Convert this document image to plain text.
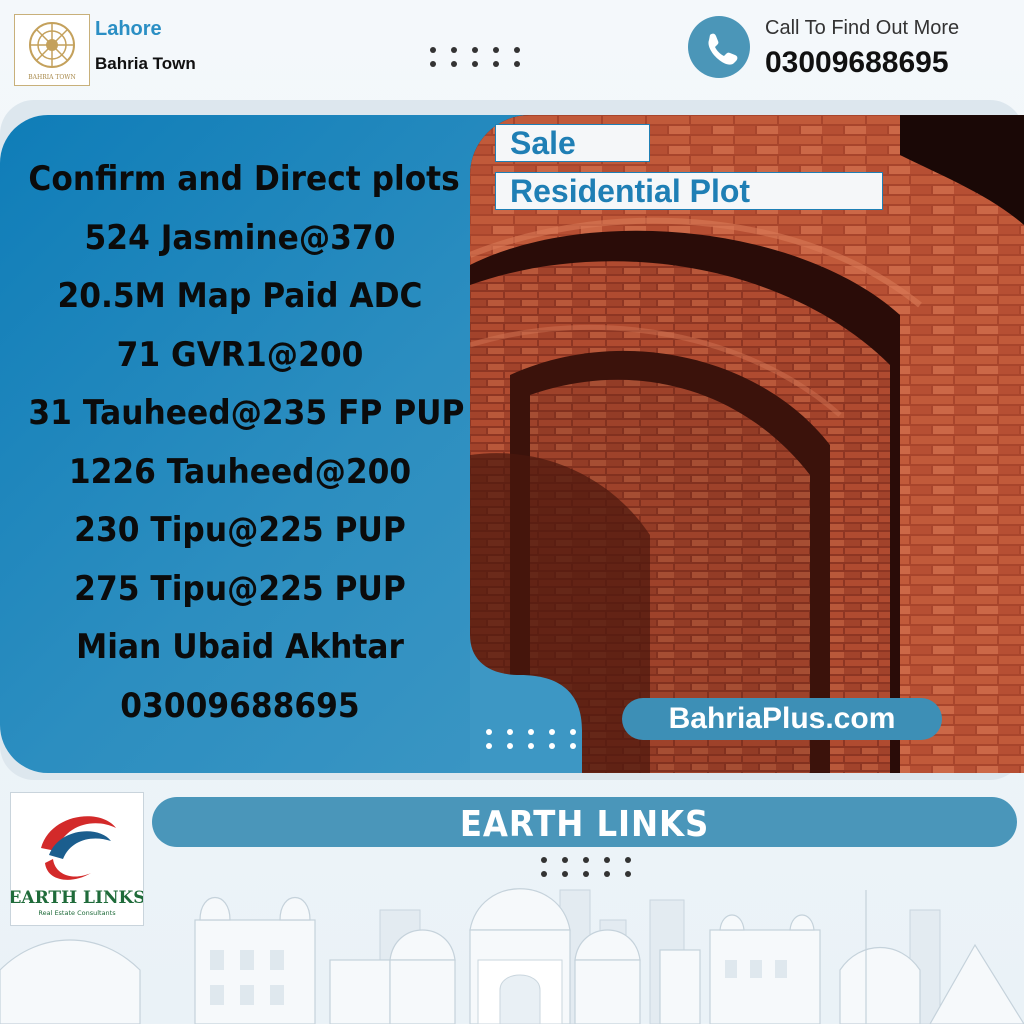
BAHRIA TOWN
Lahore
Bahria Town
Call To Find Out More
03009688695
Confirm and Direct plots
524 Jasmine@370
20.5M Map Paid ADC
71 GVR1@200
31 Tauheed@235 FP PUP
1226 Tauheed@200
230 Tipu@225 PUP
275 Tipu@225 PUP
Mian Ubaid Akhtar
03009688695
Sale
Residential Plot
BahriaPlus.com
EARTH LINKS
Real Estate Consultants
EARTH LINKS
